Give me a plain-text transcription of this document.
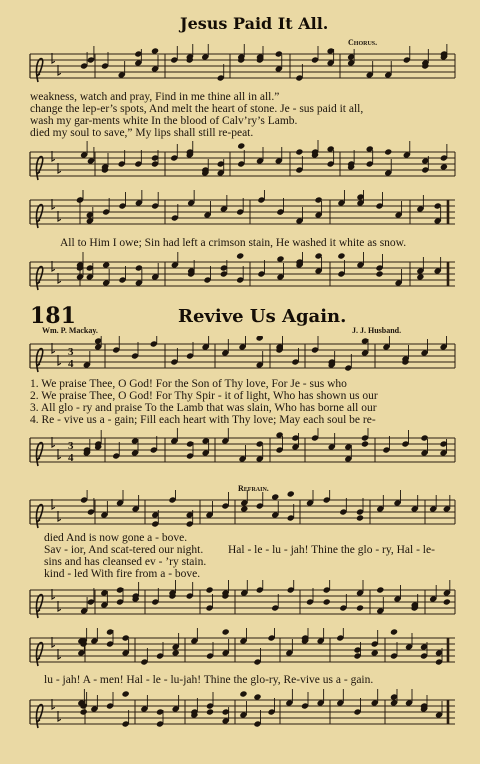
Jesus Paid It All.
Chorus.
weakness, watch and pray, Find in me thine all in all.”
change the lep-er’s spots, And melt the heart of stone. Je - sus paid it all,
wash my gar-ments white In the blood of Calv’ry’s Lamb.
died my soul to save,” My lips shall still re-peat.
All to Him I owe; Sin had left a crimson stain, He washed it white as snow.
181	Revive Us Again.
Wm. P. Mackay.	J. J. Husband.
3
4
1. We praise Thee, O God! For the Son of Thy love, For Je - sus who
2. We praise Thee, O God! For Thy Spir - it of light, Who has shown us our
3. All glo - ry and praise To the Lamb that was slain, Who has borne all our
4. Re - vive us a - gain; Fill each heart with Thy love; May each soul be re-
3
4
Refrain.
died And is now gone a - bove.
Sav - ior, And scat-tered our night. Hal - le - lu - jah! Thine the glo - ry, Hal - le-
sins and has cleansed ev - ’ry stain.
kind - led With fire from a - bove.
lu - jah! A - men! Hal - le - lu-jah! Thine the glo-ry, Re-vive us a - gain.
